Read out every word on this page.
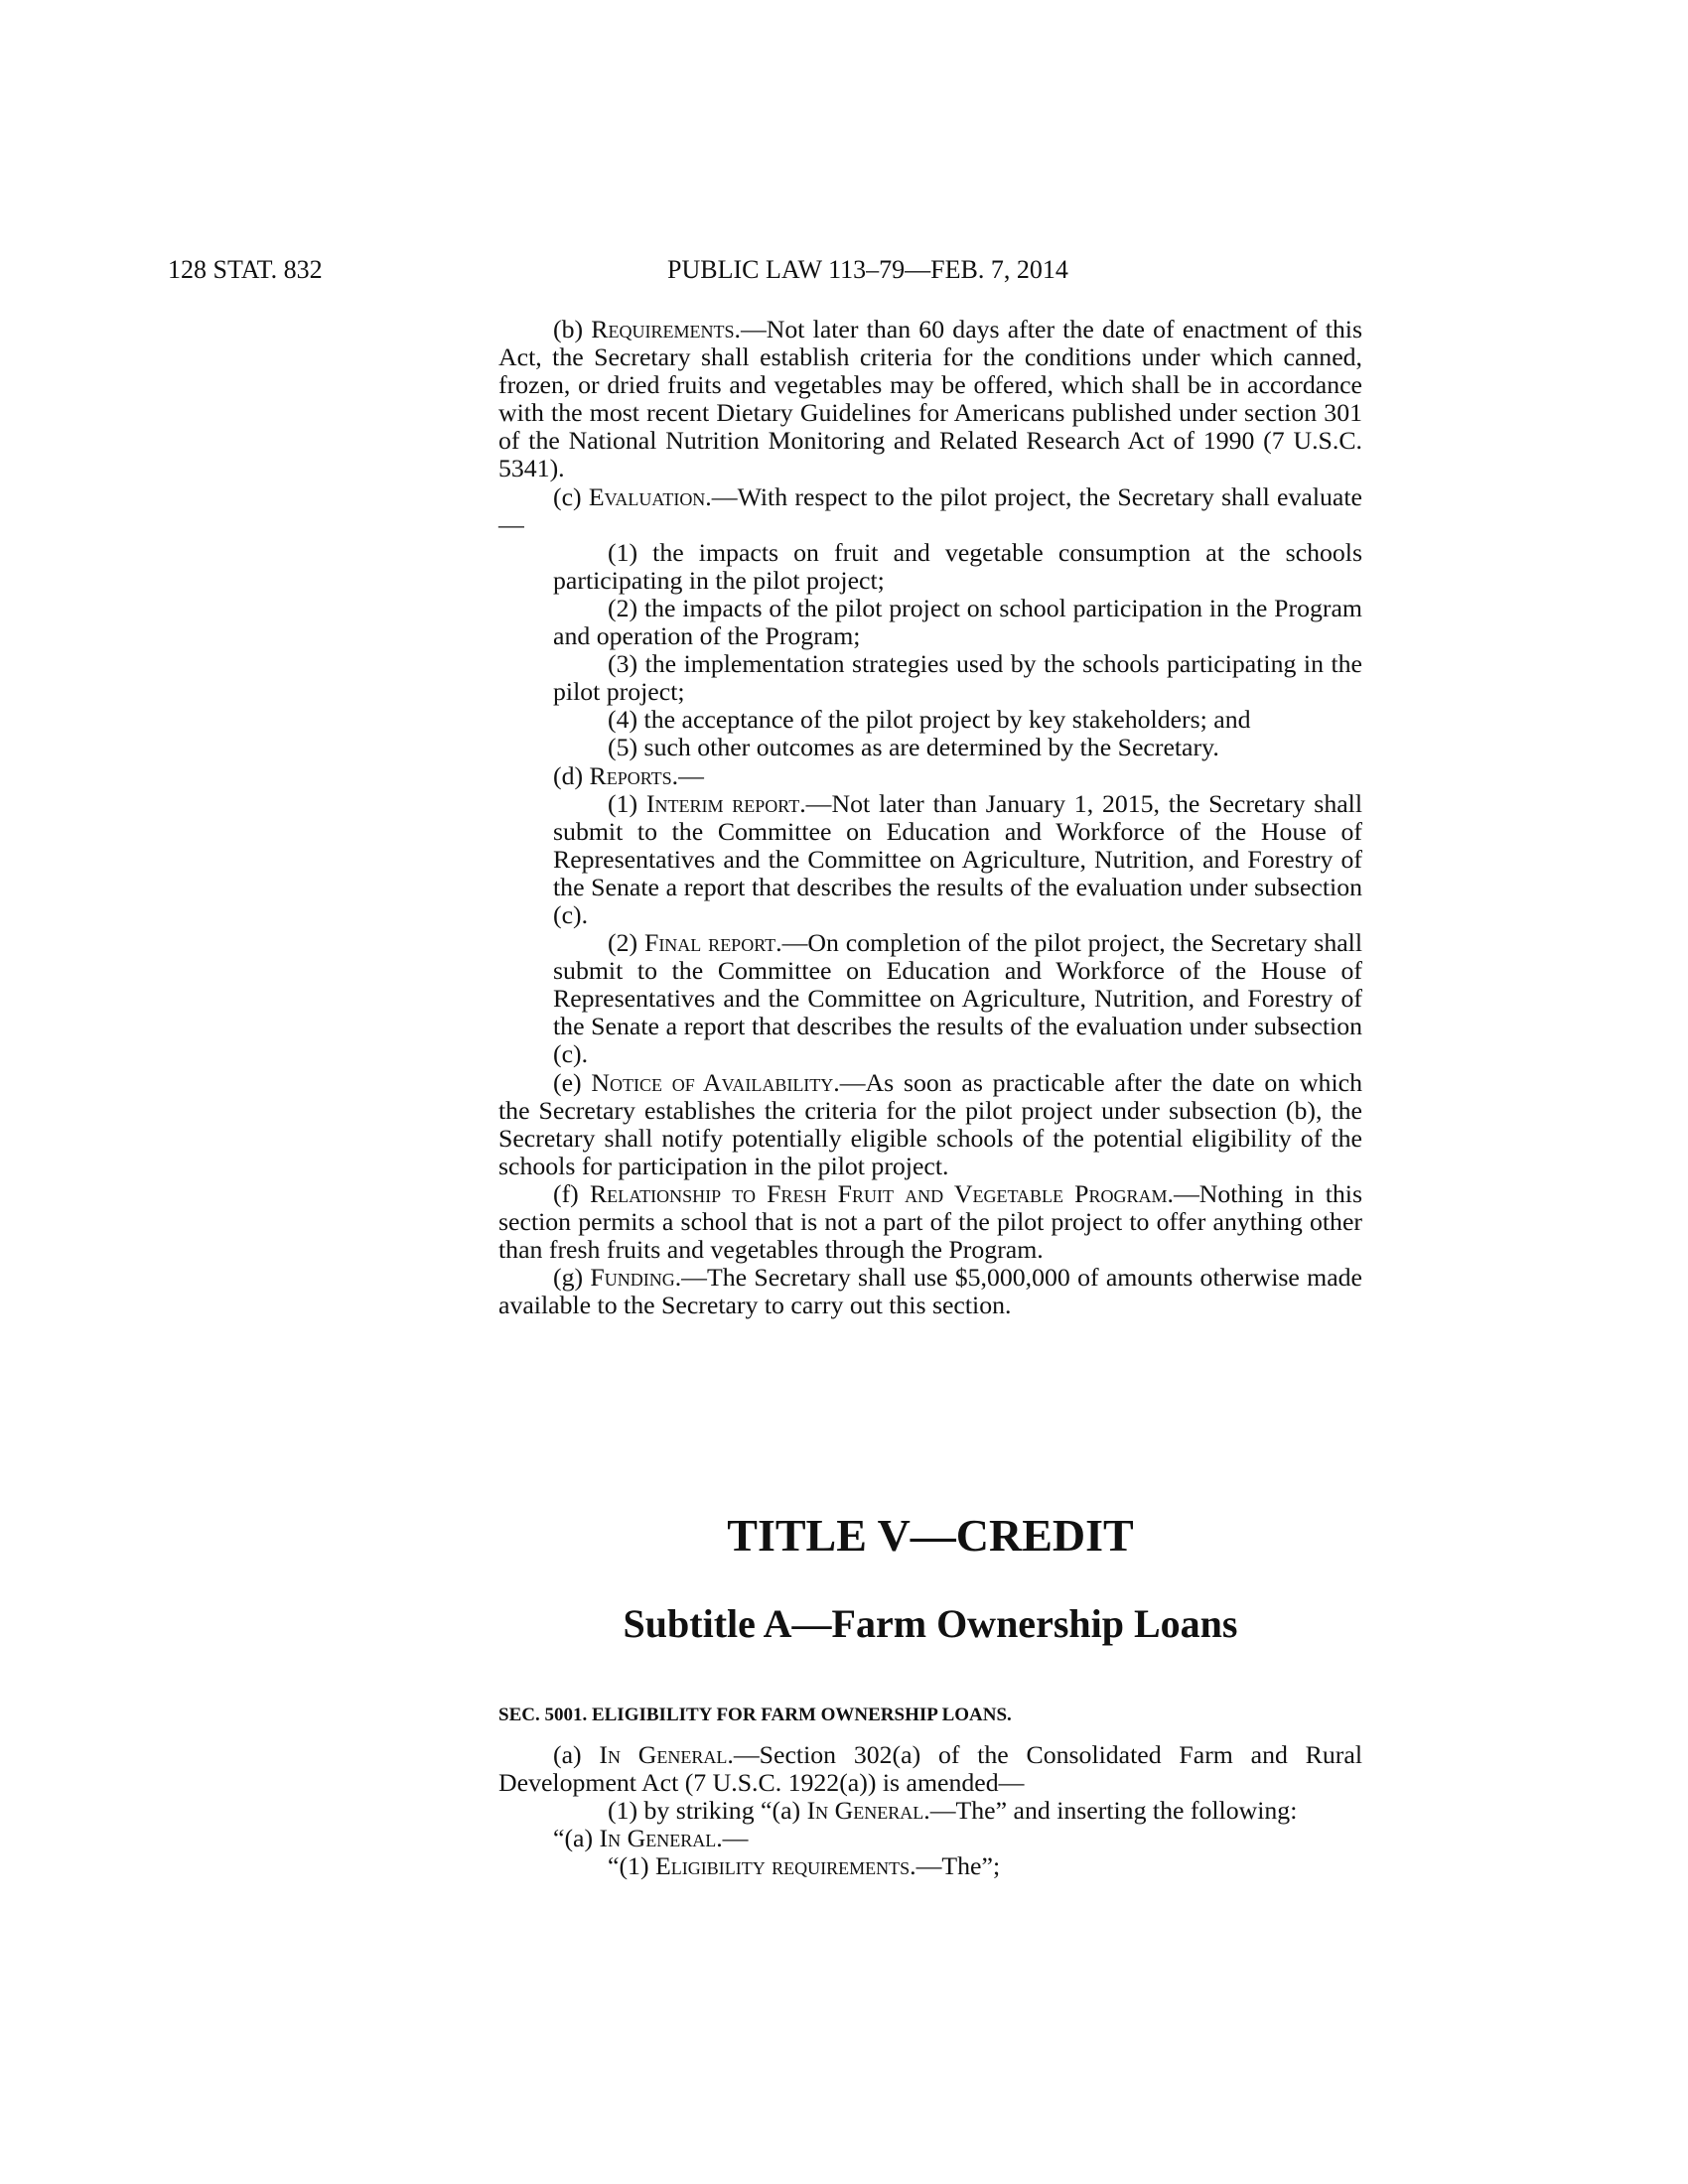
128 STAT. 832	PUBLIC LAW 113–79—FEB. 7, 2014

(b) Requirements.—Not later than 60 days after the date of enactment of this Act, the Secretary shall establish criteria for the conditions under which canned, frozen, or dried fruits and vegetables may be offered, which shall be in accordance with the most recent Dietary Guidelines for Americans published under section 301 of the National Nutrition Monitoring and Related Research Act of 1990 (7 U.S.C. 5341).

(c) Evaluation.—With respect to the pilot project, the Secretary shall evaluate—

(1) the impacts on fruit and vegetable consumption at the schools participating in the pilot project;

(2) the impacts of the pilot project on school participation in the Program and operation of the Program;

(3) the implementation strategies used by the schools participating in the pilot project;

(4) the acceptance of the pilot project by key stakeholders; and

(5) such other outcomes as are determined by the Secretary.

(d) Reports.—

(1) Interim report.—Not later than January 1, 2015, the Secretary shall submit to the Committee on Education and Workforce of the House of Representatives and the Committee on Agriculture, Nutrition, and Forestry of the Senate a report that describes the results of the evaluation under subsection (c).

(2) Final report.—On completion of the pilot project, the Secretary shall submit to the Committee on Education and Workforce of the House of Representatives and the Committee on Agriculture, Nutrition, and Forestry of the Senate a report that describes the results of the evaluation under subsection (c).

(e) Notice of Availability.—As soon as practicable after the date on which the Secretary establishes the criteria for the pilot project under subsection (b), the Secretary shall notify potentially eligible schools of the potential eligibility of the schools for participation in the pilot project.

(f) Relationship to Fresh Fruit and Vegetable Program.—Nothing in this section permits a school that is not a part of the pilot project to offer anything other than fresh fruits and vegetables through the Program.

(g) Funding.—The Secretary shall use $5,000,000 of amounts otherwise made available to the Secretary to carry out this section.

TITLE V—CREDIT
Subtitle A—Farm Ownership Loans
SEC. 5001. ELIGIBILITY FOR FARM OWNERSHIP LOANS.

(a) In General.—Section 302(a) of the Consolidated Farm and Rural Development Act (7 U.S.C. 1922(a)) is amended—

(1) by striking “(a) In General.—The” and inserting the following:

“(a) In General.—

“(1) Eligibility requirements.—The”;
